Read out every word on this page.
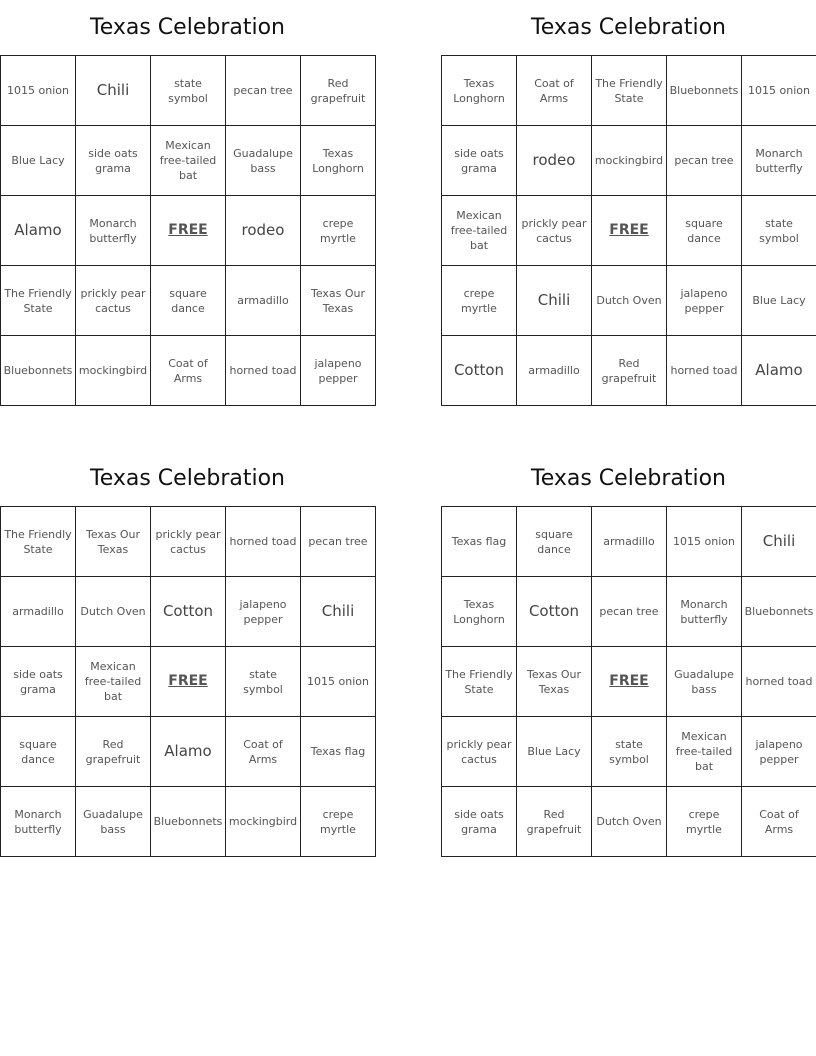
Texas Celebration
1015 onion	Chili	state symbol	pecan tree	Red grapefruit
Blue Lacy	side oats grama	Mexican free-tailed bat	Guadalupe bass	Texas Longhorn
Alamo	Monarch butterfly	FREE	rodeo	crepe myrtle
The Friendly State	prickly pear cactus	square dance	armadillo	Texas Our Texas
Bluebonnets	mockingbird	Coat of Arms	horned toad	jalapeno pepper
Texas Celebration
Texas Longhorn	Coat of Arms	The Friendly State	Bluebonnets	1015 onion
side oats grama	rodeo	mockingbird	pecan tree	Monarch butterfly
Mexican free-tailed bat	prickly pear cactus	FREE	square dance	state symbol
crepe myrtle	Chili	Dutch Oven	jalapeno pepper	Blue Lacy
Cotton	armadillo	Red grapefruit	horned toad	Alamo
Texas Celebration
The Friendly State	Texas Our Texas	prickly pear cactus	horned toad	pecan tree
armadillo	Dutch Oven	Cotton	jalapeno pepper	Chili
side oats grama	Mexican free-tailed bat	FREE	state symbol	1015 onion
square dance	Red grapefruit	Alamo	Coat of Arms	Texas flag
Monarch butterfly	Guadalupe bass	Bluebonnets	mockingbird	crepe myrtle
Texas Celebration
Texas flag	square dance	armadillo	1015 onion	Chili
Texas Longhorn	Cotton	pecan tree	Monarch butterfly	Bluebonnets
The Friendly State	Texas Our Texas	FREE	Guadalupe bass	horned toad
prickly pear cactus	Blue Lacy	state symbol	Mexican free-tailed bat	jalapeno pepper
side oats grama	Red grapefruit	Dutch Oven	crepe myrtle	Coat of Arms
